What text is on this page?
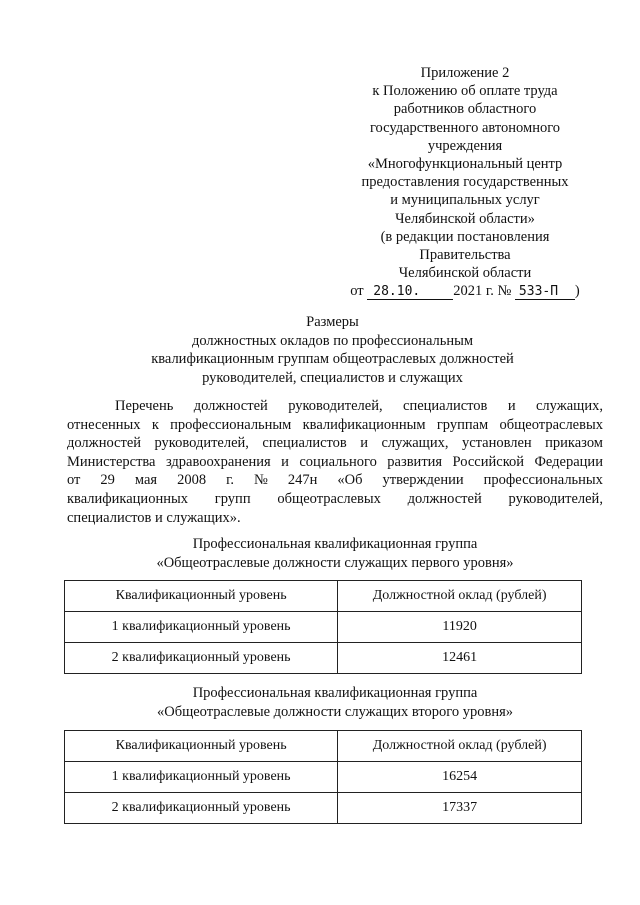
Приложение 2
к Положению об оплате труда
работников областного
государственного автономного
учреждения
«Многофункциональный центр
предоставления государственных
и муниципальных услуг
Челябинской области»
(в редакции постановления
Правительства
Челябинской области
от 28.10. 2021 г. № 533-П )
Размеры
должностных окладов по профессиональным
квалификационным группам общеотраслевых должностей
руководителей, специалистов и служащих
Перечень должностей руководителей, специалистов и служащих,
отнесенных к профессиональным квалификационным группам общеотраслевых
должностей руководителей, специалистов и служащих, установлен приказом
Министерства здравоохранения и социального развития Российской Федерации
от 29 мая 2008 г. № 247н «Об утверждении профессиональных
квалификационных групп общеотраслевых должностей руководителей,
специалистов и служащих».
Профессиональная квалификационная группа
«Общеотраслевые должности служащих первого уровня»
Квалификационный уровень	Должностной оклад (рублей)
1 квалификационный уровень	11920
2 квалификационный уровень	12461
Профессиональная квалификационная группа
«Общеотраслевые должности служащих второго уровня»
Квалификационный уровень	Должностной оклад (рублей)
1 квалификационный уровень	16254
2 квалификационный уровень	17337
